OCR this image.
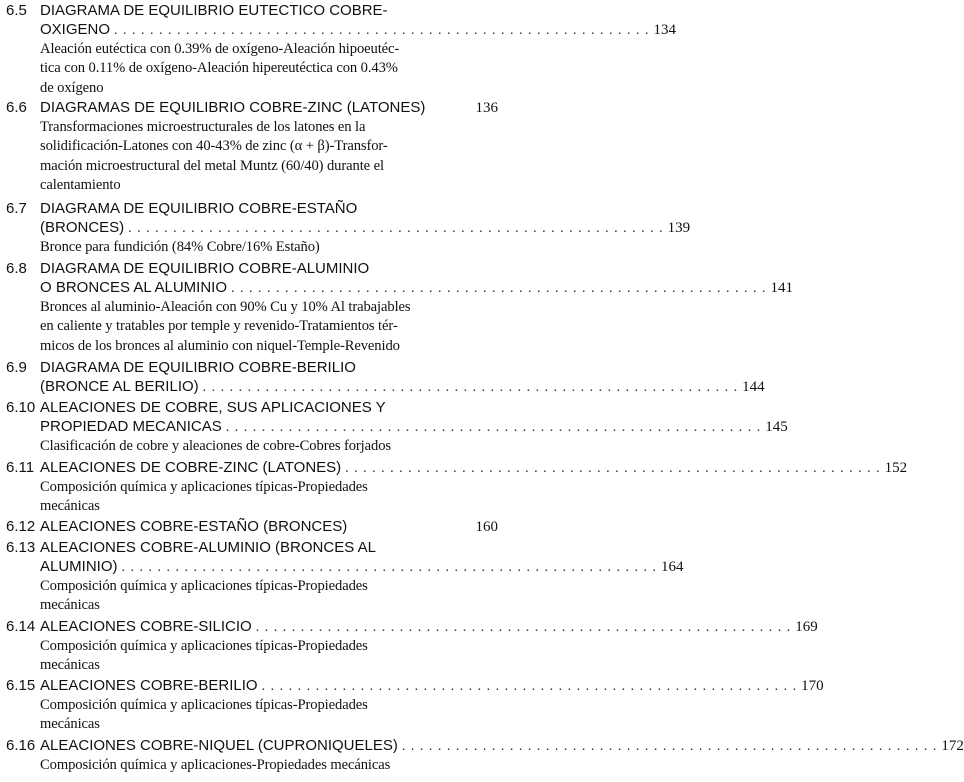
6.5 DIAGRAMA DE EQUILIBRIO EUTECTICO COBRE-
OXIGENO . . . . . . . . . . . . . . . . . . . . . . . . . . . . . . . . . . . . . . . . . . . . . . . . . . . . . . . . . . . . 134
Aleación eutéctica con 0.39% de oxígeno-Aleación hipoeutéc-
tica con 0.11% de oxígeno-Aleación hipereutéctica con 0.43%
de oxígeno
6.6 DIAGRAMAS DE EQUILIBRIO COBRE-ZINC (LATONES)	136
Transformaciones microestructurales de los latones en la
solidificación-Latones con 40-43% de zinc (α + β)-Transfor-
mación microestructural del metal Muntz (60/40) durante el
calentamiento
6.7 DIAGRAMA DE EQUILIBRIO COBRE-ESTAÑO
(BRONCES) . . . . . . . . . . . . . . . . . . . . . . . . . . . . . . . . . . . . . . . . . . . . . . . . . . . . . . . . . . . . 139
Bronce para fundición (84% Cobre/16% Estaño)
6.8 DIAGRAMA DE EQUILIBRIO COBRE-ALUMINIO
O BRONCES AL ALUMINIO . . . . . . . . . . . . . . . . . . . . . . . . . . . . . . . . . . . . . . . . . . . . . . . . . . . . . . . . . . . . 141
Bronces al aluminio-Aleación con 90% Cu y 10% Al trabajables
en caliente y tratables por temple y revenido-Tratamientos tér-
micos de los bronces al aluminio con niquel-Temple-Revenido
6.9 DIAGRAMA DE EQUILIBRIO COBRE-BERILIO
(BRONCE AL BERILIO) . . . . . . . . . . . . . . . . . . . . . . . . . . . . . . . . . . . . . . . . . . . . . . . . . . . . . . . . . . . . 144
6.10 ALEACIONES DE COBRE, SUS APLICACIONES Y
PROPIEDAD MECANICAS . . . . . . . . . . . . . . . . . . . . . . . . . . . . . . . . . . . . . . . . . . . . . . . . . . . . . . . . . . . . 145
Clasificación de cobre y aleaciones de cobre-Cobres forjados
6.11 ALEACIONES DE COBRE-ZINC (LATONES) . . . . . . . . . . . . . . . . . . . . . . . . . . . . . . . . . . . . . . . . . . . . . . . . . . . . . . . . . . . . 152
Composición química y aplicaciones típicas-Propiedades
mecánicas
6.12 ALEACIONES COBRE-ESTAÑO (BRONCES)	160
6.13 ALEACIONES COBRE-ALUMINIO (BRONCES AL
ALUMINIO) . . . . . . . . . . . . . . . . . . . . . . . . . . . . . . . . . . . . . . . . . . . . . . . . . . . . . . . . . . . . 164
Composición química y aplicaciones típicas-Propiedades
mecánicas
6.14 ALEACIONES COBRE-SILICIO . . . . . . . . . . . . . . . . . . . . . . . . . . . . . . . . . . . . . . . . . . . . . . . . . . . . . . . . . . . . 169
Composición química y aplicaciones típicas-Propiedades
mecánicas
6.15 ALEACIONES COBRE-BERILIO . . . . . . . . . . . . . . . . . . . . . . . . . . . . . . . . . . . . . . . . . . . . . . . . . . . . . . . . . . . . 170
Composición química y aplicaciones típicas-Propiedades
mecánicas
6.16 ALEACIONES COBRE-NIQUEL (CUPRONIQUELES) . . . . . . . . . . . . . . . . . . . . . . . . . . . . . . . . . . . . . . . . . . . . . . . . . . . . . . . . . . . . 172
Composición química y aplicaciones-Propiedades mecánicas
